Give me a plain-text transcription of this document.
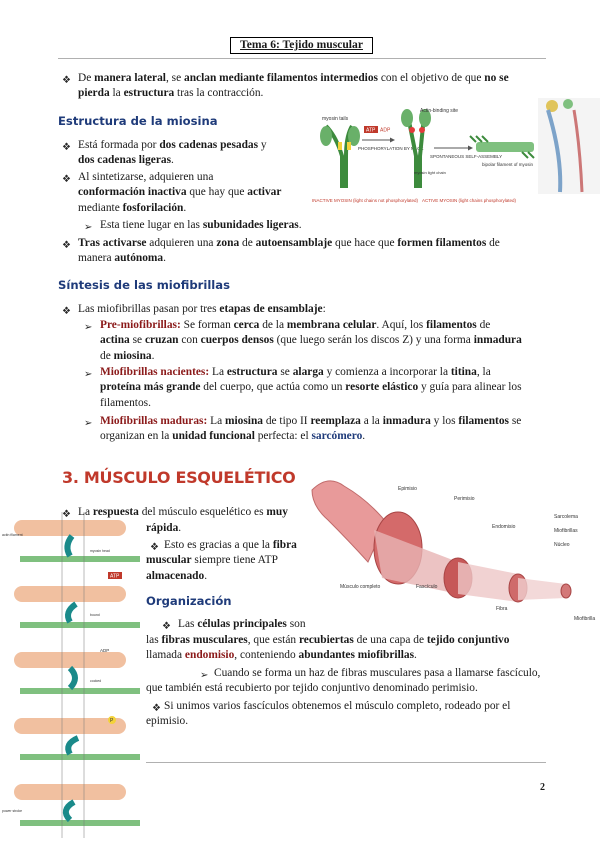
Tema 6: Tejido muscular
❖ De manera lateral, se anclan mediante filamentos intermedios con el objetivo de que no se
pierda la estructura tras la contracción.
Estructura de la miosina
❖ Está formada por dos cadenas pesadas y
dos cadenas ligeras.
❖ Al sintetizarse, adquieren una
conformación inactiva que hay que activar
mediante fosforilación.
➢ Esta tiene lugar en las subunidades ligeras.
❖ Tras activarse adquieren una zona de autoensamblaje que hace que formen filamentos de
manera autónoma.
myosin tails
ATP ADP
PHOSPHORYLATION BY MLCK
Actin-binding site
myosin light chain
SPONTANEOUS SELF-ASSEMBLY
bipolar filament of myosin
INACTIVE MYOSIN (light chains not phosphorylated) ACTIVE MYOSIN (light chains phosphorylated)
Síntesis de las miofibrillas
❖ Las miofibrillas pasan por tres etapas de ensamblaje:
➢ Pre-miofibrillas: Se forman cerca de la membrana celular. Aquí, los filamentos de
actina se cruzan con cuerpos densos (que luego serán los discos Z) y una forma inmadura
de miosina.
➢ Miofibrillas nacientes: La estructura se alarga y comienza a incorporar la titina, la
proteína más grande del cuerpo, que actúa como un resorte elástico y guía para alinear los
filamentos.
➢ Miofibrillas maduras: La miosina de tipo II reemplaza a la inmadura y los filamentos se
organizan en la unidad funcional perfecta: el sarcómero.
3. MÚSCULO ESQUELÉTICO
Epimisio
Perimisio
Endomisio
Sarcolema
Miofibrillas
Núcleo
Miofibrilla
Músculo completo	Fascículo
Fibra
ATP
P
ADP
actin filament
myosin head
bound
cocked
power stroke
❖ La respuesta del músculo esquelético es muy
rápida.
❖ Esto es gracias a que la fibra
muscular siempre tiene ATP
almacenado.
Organización
❖ Las células principales son
las fibras musculares, que están recubiertas de una capa de tejido conjuntivo
llamada endomisio, conteniendo abundantes miofibrillas.
➢ Cuando se forma un haz de fibras musculares pasa a llamarse fascículo,
que también está recubierto por tejido conjuntivo denominado perimisio.
❖ Si unimos varios fascículos obtenemos el músculo completo, rodeado por el
epimisio.
2
